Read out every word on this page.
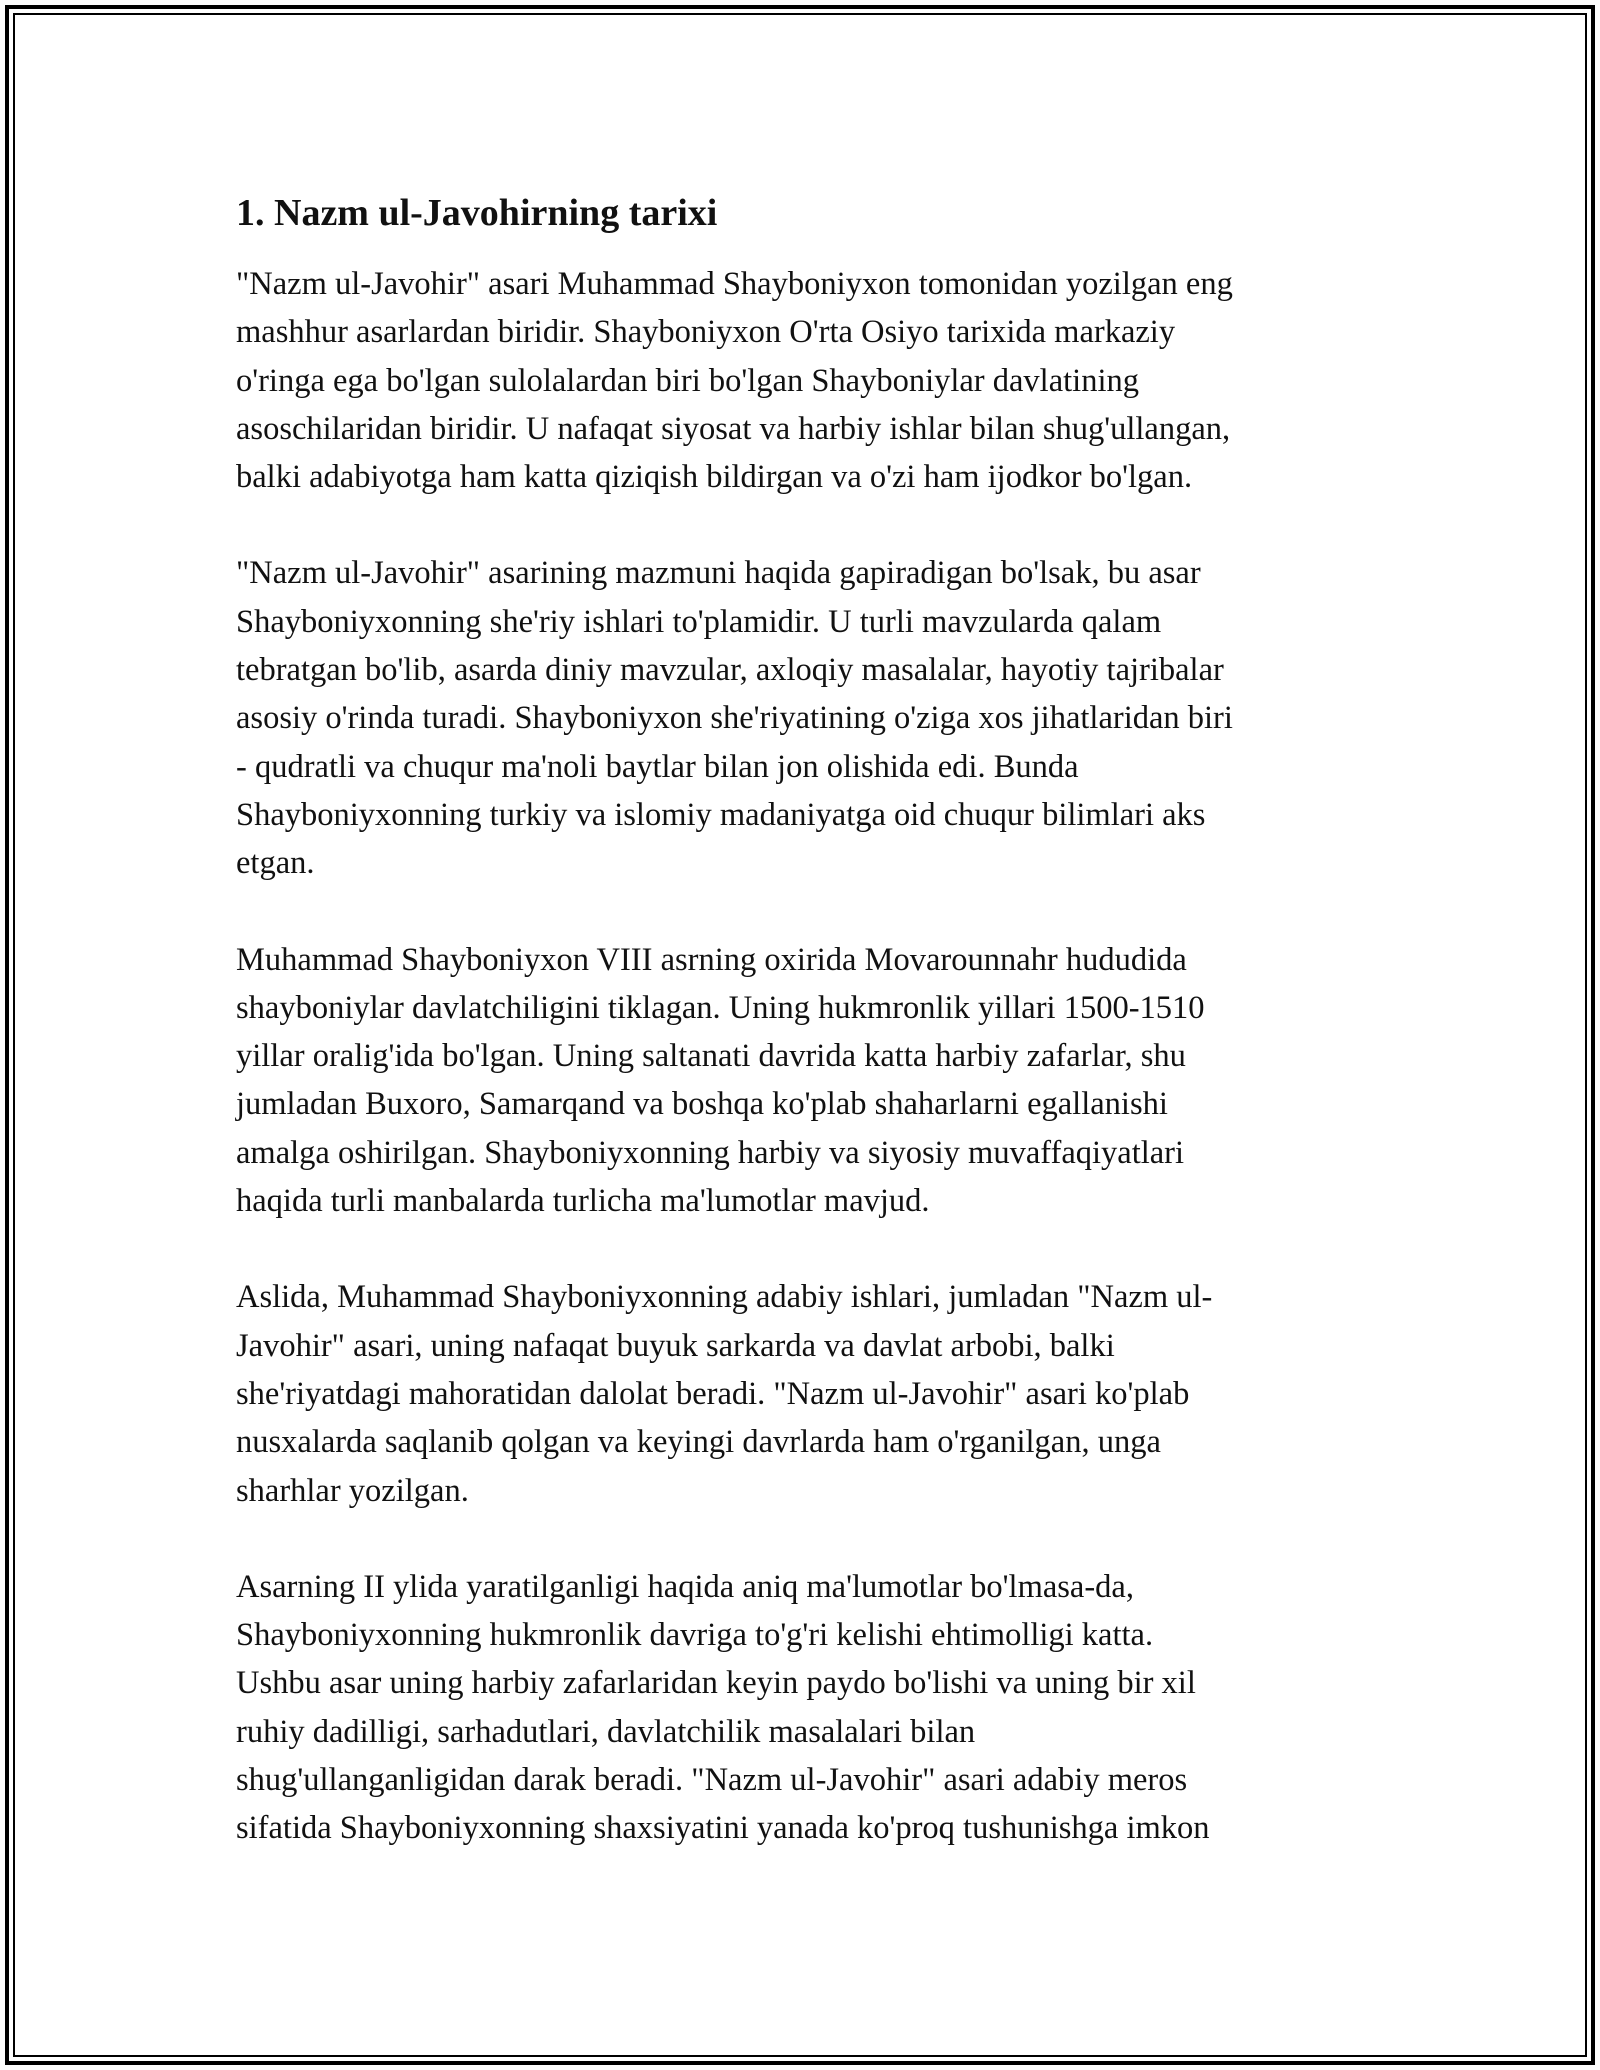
1. Nazm ul-Javohirning tarixi

"Nazm ul-Javohir" asari Muhammad Shayboniyxon tomonidan yozilgan eng
mashhur asarlardan biridir. Shayboniyxon O'rta Osiyo tarixida markaziy
o'ringa ega bo'lgan sulolalardan biri bo'lgan Shayboniylar davlatining
asoschilaridan biridir. U nafaqat siyosat va harbiy ishlar bilan shug'ullangan,
balki adabiyotga ham katta qiziqish bildirgan va o'zi ham ijodkor bo'lgan.

"Nazm ul-Javohir" asarining mazmuni haqida gapiradigan bo'lsak, bu asar
Shayboniyxonning she'riy ishlari to'plamidir. U turli mavzularda qalam
tebratgan bo'lib, asarda diniy mavzular, axloqiy masalalar, hayotiy tajribalar
asosiy o'rinda turadi. Shayboniyxon she'riyatining o'ziga xos jihatlaridan biri
- qudratli va chuqur ma'noli baytlar bilan jon olishida edi. Bunda
Shayboniyxonning turkiy va islomiy madaniyatga oid chuqur bilimlari aks
etgan.

Muhammad Shayboniyxon VIII asrning oxirida Movarounnahr hududida
shayboniylar davlatchiligini tiklagan. Uning hukmronlik yillari 1500-1510
yillar oralig'ida bo'lgan. Uning saltanati davrida katta harbiy zafarlar, shu
jumladan Buxoro, Samarqand va boshqa ko'plab shaharlarni egallanishi
amalga oshirilgan. Shayboniyxonning harbiy va siyosiy muvaffaqiyatlari
haqida turli manbalarda turlicha ma'lumotlar mavjud.

Aslida, Muhammad Shayboniyxonning adabiy ishlari, jumladan "Nazm ul-
Javohir" asari, uning nafaqat buyuk sarkarda va davlat arbobi, balki
she'riyatdagi mahoratidan dalolat beradi. "Nazm ul-Javohir" asari ko'plab
nusxalarda saqlanib qolgan va keyingi davrlarda ham o'rganilgan, unga
sharhlar yozilgan.

Asarning II ylida yaratilganligi haqida aniq ma'lumotlar bo'lmasa-da,
Shayboniyxonning hukmronlik davriga to'g'ri kelishi ehtimolligi katta.
Ushbu asar uning harbiy zafarlaridan keyin paydo bo'lishi va uning bir xil
ruhiy dadilligi, sarhadutlari, davlatchilik masalalari bilan
shug'ullanganligidan darak beradi. "Nazm ul-Javohir" asari adabiy meros
sifatida Shayboniyxonning shaxsiyatini yanada ko'proq tushunishga imkon
